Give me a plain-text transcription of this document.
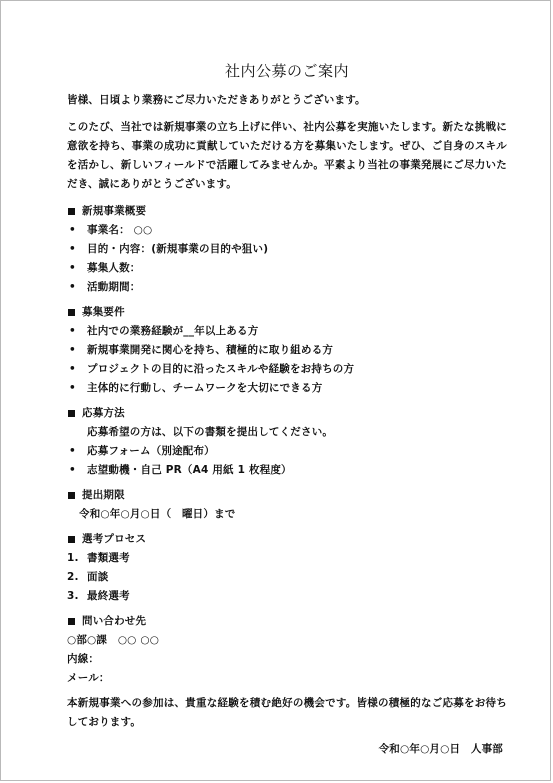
社内公募のご案内
皆様、日頃より業務にご尽力いただきありがとうございます。
このたび、当社では新規事業の立ち上げに伴い、社内公募を実施いたします。新たな挑戦に意欲を持ち、事業の成功に貢献していただける方を募集いたします。ぜひ、ご自身のスキルを活かし、新しいフィールドで活躍してみませんか。平素より当社の事業発展にご尽力いただき、誠にありがとうございます。
新規事業概要
•	事業名： ○○
•	目的・内容：(新規事業の目的や狙い)
•	募集人数：
•	活動期間：
募集要件
•	社内での業務経験が__年以上ある方
•	新規事業開発に関心を持ち、積極的に取り組める方
•	プロジェクトの目的に沿ったスキルや経験をお持ちの方
•	主体的に行動し、チームワークを大切にできる方
応募方法
応募希望の方は、以下の書類を提出してください。
•	応募フォーム（別途配布）
•	志望動機・自己 PR（A4 用紙 1 枚程度）
提出期限
令和○年○月○日（　曜日）まで
選考プロセス
1. 書類選考
2. 面談
3. 最終選考
問い合わせ先
○部○課　○○ ○○
内線：
メール：
本新規事業への参加は、貴重な経験を積む絶好の機会です。皆様の積極的なご応募をお待ちしております。
令和○年○月○日　人事部
